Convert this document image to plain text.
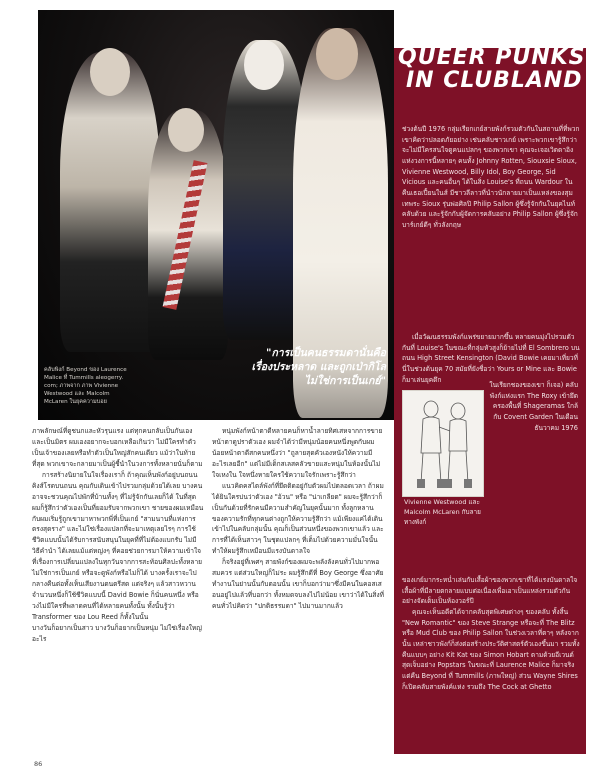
คลับพิงก์ Beyond ของ Laurence Malice ที่ Tummills aleogerry. com; ภาพจาก ภาพ Vivienne Westwood และ Malcolm McLaren ในยุคความบอย
"การเป็นคนธรรมดานั่นคือ
เรื่องประหลาด และถูกเป่ากิโล
ไม่ใช่การเป็นเกย์"
QUEER PUNKS
IN CLUBLAND

ช่วงต้นปี 1976 กลุ่มเรียกเกย์สายพังก์รวมตัวกันในสถานที่ที่พวกเขาคิดว่าปลอดภัยอย่าง เช่นคลับชาวเกย์ เพราะพวกเขารู้สึกว่าจะไม่มีใครสนใจดูคนแปลกๆ ของพวกเขา คุณจะเจอเวิดดาอิงแห่งวงการนี้หลายๆ คนทั้ง Johnny Rotten, Siouxsie Sioux, Vivienne Westwood, Billy Idol, Boy George, Sid Vicious และคนอื่นๆ ได้ในสิ่ง Louise's ที่ถนน Wardour ในคืนเธอเปี้ยนในส์ มีชาวลีลาวที่นำวนักลายมาเป็นแหล่งของสุมเทพระ Sioux รุ่นพ่อศิลปิ Philip Sallon ผู้ซึ่งรู้จักกันในยุคไนท์คลับด้วย และรู้จักกับผู้จัดการคลับอย่าง Philip Sallon ผู้ซึ่งรู้จักบาร์เกย์ดีๆ ทั่วลังกฤษ

เมื่อวัฒนธรรมพังก์แพร่ขยายมากขึ้น หลายคนมุ่งไปรวมตัวกันที่ Louise's ในขณะที่กลุ่มหัวสูงก็ย้ายไปที่ El Sombrero บนถนน High Street Kensington (David Bowie เคยมาเที่ยวที่นี่ในช่วงต้นยุค 70 สมัยที่ยังชื่อว่า Yours or Mine และ Bowie ก็มาเล่นยุคดึก

ในเรียกชองของเขา ก็เจอ) คลับพังก์แห่งแรก The Roxy เข้ายึดครองพื้นที่ Shageramas ใกล้กับ Covent Garden ในเดือนธันวาคม 1976

Vivienne Westwood และ Malcolm McLaren กับลายทางพังก์

ของเกย์มากระหน่ำเล่นกับเสื้อผ้าของพวกเขาที่ได้แรงบันดาลใจเสื้อผ้าที่มีลายตกลายแบบต่อเนื่องเพื่อเอาเป็นแหล่งรวมตัวกันอย่างจัดเต็มเป็นห้องวอร์ปี

คุณจะเห็นอดีตได้จากคลับสุดพิเศษต่างๆ ของคลับ ทั้งสิ้น "New Romantic" ของ Steve Strange หรือจะที่ The Blitz หรือ Mud Club ของ Philip Sallon ในช่วงเวลาที่ตาๆ หลังจากนั้น เหล่าชาวพังก์ก็ส่งต่อสร้างประวัติศาสตร์ตัวเองขึ้นมา รวมทั้งคืนแบบๆ อย่าง Kit Kat ของ Simon Hobart ตามด้วยอีเวนต์สุดเจ็บอย่าง Popstars ในขณะที่ Laurence Malice ก็มาจริงแต่คืน Beyond ที่ Tummills (ภาพใหญ่) ส่วน Wayne Shires ก็เปิดคลับสายพังค์แห่ง รวมถึง The Cock at Ghetto

ภาพลักษณ์ที่ดูชนกและหัวรุนแรง แต่ทุกคนกลับเป็นกันเองและเป็นมิตร ผมเองอยากจะบอกเหลือเกินว่า ไม่มีใครทำตัวเป็นเจ้าของเลยหรือทำตัวเป็นใหญ่สักคนเดียว แม้ว่าในท้ายที่สุด พวกเขาจะกลายมาเป็นผู้ชี้นำในวงการทั้งหลายนั่นก็ตาม

การสร้างนิยายในใจเรื่องเราก็ ถ้าคุณเห็นพังก์อยู่บนถนนคิงส์โรดบนถนน คุณกับเดินเข้าไปรวมกลุ่มด้วยได้เลย บางคนอาจจะชวนคุณไปพักที่บ้านทั้งๆ ที่ไม่รู้จักกันเลยก็ได้ ในที่สุดผมก็รู้สึกว่าตัวเองเป็นที่ยอมรับจากพวกเขา ชายของผมเหมือนกับผมเริ่มรู้ถูกเขามาหาพวกพี่ที่เป็นเกย์ "สามนานที่แห่งการตรงสุดราง" และไม่ใช่เรื่องแปลกที่จะมาเหตุเลยไรๆ การใช้ชีวิตแบบนั้นได้รับการสนับสนุนในยุคที่ที่ไม่ต้องแบกรับ ไม่มีวิธีคำนำ ได้เลยแม้แต่หญ่งๆ ที่คอยช่วยการมาให้ความเข้าใจที่เรื่องการเปลี่ยนแปลงในทุกวันจากการสะท้อนศิลปะทั้งหลาย

ไม่ใช่การเป็นเกย์ หรือจะดูพังก์หรือไม่ก็ได้ บางครั้งเราจะไปกลางคืนต่อทั้งเห็นเสียงานดนตรีสด แต่จริงๆ แล้วสาวหวานจำนวนหนึ่งก็ใช้ชีวิตแบบนี้ David Bowie ก็นั่นคนหนึ่ง หรือวงไม่มีใครที่พลาดคนที่ได้หลายคนทั้งนั้น ทั้งนั้นรู้ว่า Transformer ของ Lou Reed ก็ทั้งในนั้น

บางวันก็อยากเป็นสาว บางวันก็อยากเป็นหนุ่ม ไม่ใช่เรื่องใหญ่อะไร

หนุ่มพังก์หน้าตาดีหลายคนก็หาน้ำลายทิศเสหจากการขายหน้าตาดูปราตัวเอง ผมจำได้ว่ามีหนุ่มน้อยคนหนึ่งพูดกับผมน้อยหน้าตาดีสกคนหนึ่งว่า "ถูลายสุดคัวเองหนังให้ความมีอะไรเลยอีก" แต่ไม่มีเด็กสเลสคลัวขายแสะหนุ่มในห้องนั้นไม่ใจเหงใน ใจหนึ่งหายใครใช้ความใจรักเพราะรู้สึกว่า

แนวคิดคสไตล์พังก์ที่ยึดติดอยู่กับตัวผมไปตลอดเวลา ถ้าผมได้ยินใครบ่นว่าตัวเอง "อ้วน" หรือ "น่าเกลียด" ผมจะรู้สึกว่าก็เป็นกันด้วยที่รักคนมีความสำคัญในยุคนั้นมาก ทั้งลูกหลานของความรักที่ทุกคนต่างถูกให้ความรู้สึกว่า แม้เพียงแค่ได้เดินเข้าไปในคลับกลุ่มนั้น คุณก็เป็นส่วนหนึ่งของพวกเขาแล้ว และ การที่ได้เห็นสาวๆ ในชุดแปลกๆ ที่เต็มไปด้วยความมั่นใจนั้นทำให้ผมรู้สึกเหมือนมีแรงบันดาลใจ

ก็จริงอยู่ที่เพศๆ สายพังก์ของผมจะพลังลังคนทั่วไปมากพอสมควร แต่ส่วนใหญ่ก็ไม่ระ ผมรู้สึกดีที่ Boy George ซึ่งอาศัยทำงานในย่านนั้นกับตอนนั้น เขาก็บอกว่ามาซึ่งมีคนในคอสเสอนอยู่ไปแล้วที่บอกว่า ทั้งหมดจบลงไปไม่น้อย เขาว่าได้ในสิ่งที่คนทั่วไปคิดว่า "ปกติธรรมดา" ไปมานมากแล้ว

86
